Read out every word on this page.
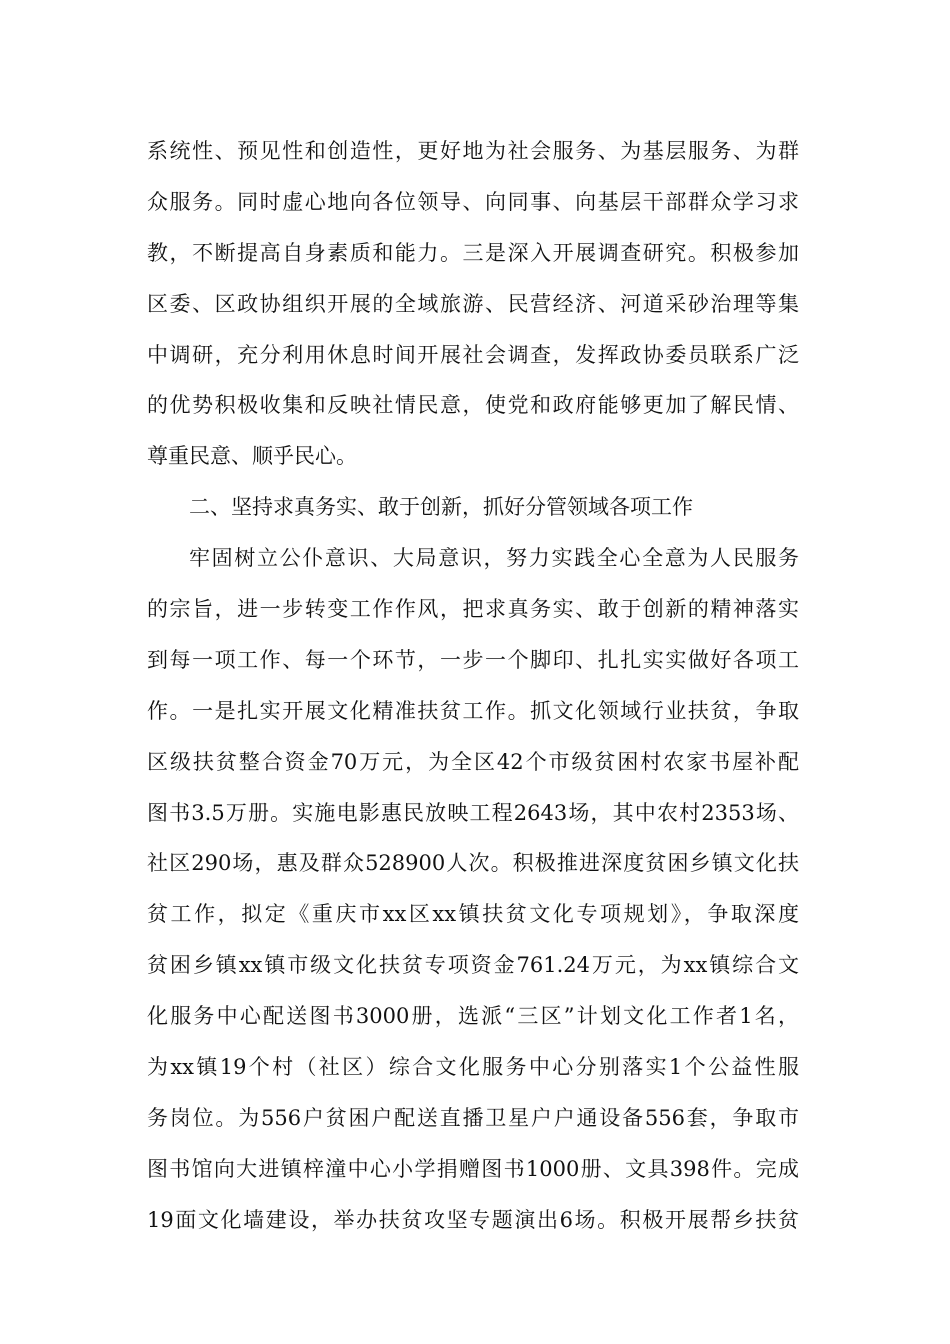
系统性、预见性和创造性，更好地为社会服务、为基层服务、为群
众服务。同时虚心地向各位领导、向同事、向基层干部群众学习求
教，不断提高自身素质和能力。三是深入开展调查研究。积极参加
区委、区政协组织开展的全域旅游、民营经济、河道采砂治理等集
中调研，充分利用休息时间开展社会调查，发挥政协委员联系广泛
的优势积极收集和反映社情民意，使党和政府能够更加了解民情、
尊重民意、顺乎民心。
二、坚持求真务实、敢于创新，抓好分管领域各项工作
牢固树立公仆意识、大局意识，努力实践全心全意为人民服务
的宗旨，进一步转变工作作风，把求真务实、敢于创新的精神落实
到每一项工作、每一个环节，一步一个脚印、扎扎实实做好各项工
作。一是扎实开展文化精准扶贫工作。抓文化领域行业扶贫，争取
区级扶贫整合资金70万元，为全区42个市级贫困村农家书屋补配
图书3.5万册。实施电影惠民放映工程2643场，其中农村2353场、
社区290场，惠及群众528900人次。积极推进深度贫困乡镇文化扶
贫工作，拟定《重庆市xx区xx镇扶贫文化专项规划》，争取深度
贫困乡镇xx镇市级文化扶贫专项资金761.24万元，为xx镇综合文
化服务中心配送图书3000册，选派“三区”计划文化工作者1名，
为xx镇19个村（社区）综合文化服务中心分别落实1个公益性服
务岗位。为556户贫困户配送直播卫星户户通设备556套，争取市
图书馆向大进镇梓潼中心小学捐赠图书1000册、文具398件。完成
19面文化墙建设，举办扶贫攻坚专题演出6场。积极开展帮乡扶贫
